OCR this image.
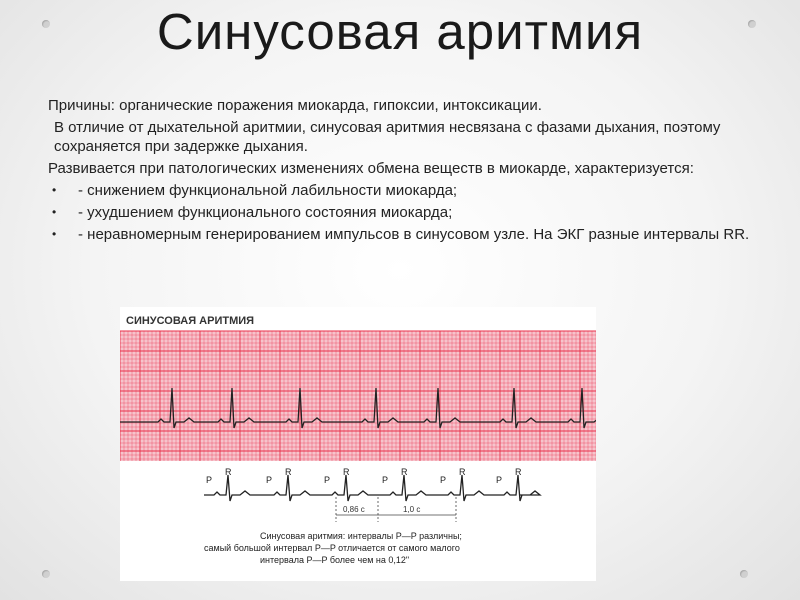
Синусовая аритмия

Причины: органические поражения миокарда, гипоксии, интоксикации.

В отличие от дыхательной аритмии, синусовая аритмия несвязана с фазами дыхания, поэтому сохраняется при задержке дыхания.

Развивается при патологических изменениях обмена веществ в миокарде, характеризуется:

• - снижением функциональной лабильности миокарда;
• - ухудшением функционального состояния миокарда;
• - неравномерным генерированием импульсов в синусовом узле. На ЭКГ разные интервалы RR.
СИНУСОВАЯ АРИТМИЯ
R
P
R
P
R
P
R
P
R
P
R
P
0,86 с	1,0 с
Синусовая аритмия: интервалы P—P различны;
самый большой интервал P—P отличается от самого малого
интервала P—P более чем на 0,12"
